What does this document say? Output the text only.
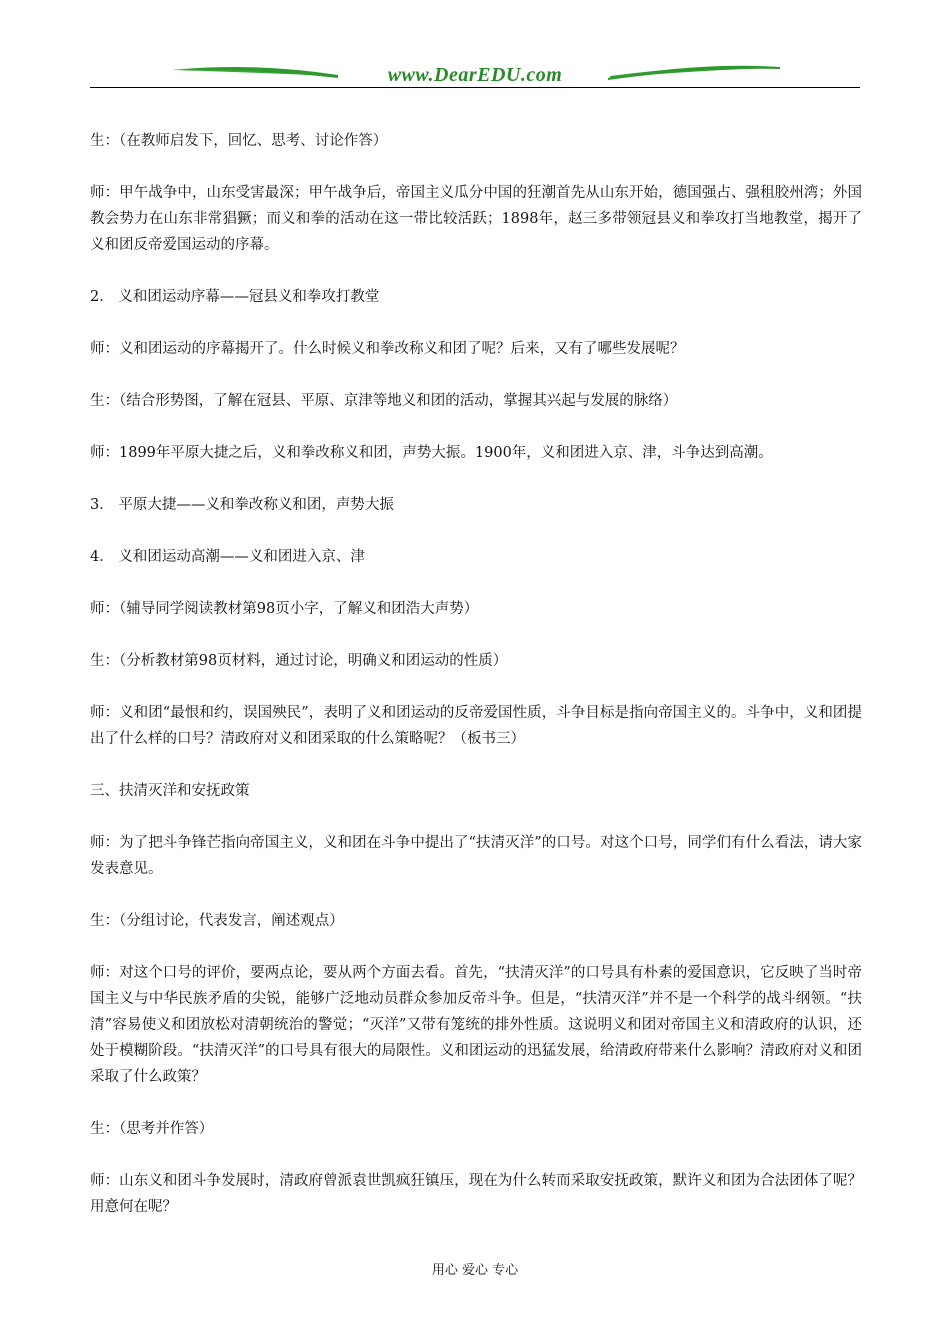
www.DearEDU.com

生：（在教师启发下，回忆、思考、讨论作答）

师：甲午战争中，山东受害最深；甲午战争后，帝国主义瓜分中国的狂潮首先从山东开始，德国强占、强租胶州湾；外国教会势力在山东非常猖獗；而义和拳的活动在这一带比较活跃；1898年，赵三多带领冠县义和拳攻打当地教堂，揭开了义和团反帝爱国运动的序幕。

2． 义和团运动序幕——冠县义和拳攻打教堂

师：义和团运动的序幕揭开了。什么时候义和拳改称义和团了呢？后来，又有了哪些发展呢？

生：（结合形势图，了解在冠县、平原、京津等地义和团的活动，掌握其兴起与发展的脉络）

师：1899年平原大捷之后，义和拳改称义和团，声势大振。1900年，义和团进入京、津，斗争达到高潮。

3． 平原大捷——义和拳改称义和团，声势大振

4． 义和团运动高潮——义和团进入京、津

师：（辅导同学阅读教材第98页小字，了解义和团浩大声势）

生：（分析教材第98页材料，通过讨论，明确义和团运动的性质）

师：义和团“最恨和约，误国殃民”，表明了义和团运动的反帝爱国性质，斗争目标是指向帝国主义的。斗争中，义和团提出了什么样的口号？清政府对义和团采取的什么策略呢？（板书三）

三、扶清灭洋和安抚政策

师：为了把斗争锋芒指向帝国主义，义和团在斗争中提出了“扶清灭洋”的口号。对这个口号，同学们有什么看法，请大家发表意见。

生：（分组讨论，代表发言，阐述观点）

师：对这个口号的评价，要两点论，要从两个方面去看。首先，“扶清灭洋”的口号具有朴素的爱国意识，它反映了当时帝国主义与中华民族矛盾的尖锐，能够广泛地动员群众参加反帝斗争。但是，“扶清灭洋”并不是一个科学的战斗纲领。“扶清”容易使义和团放松对清朝统治的警觉；“灭洋”又带有笼统的排外性质。这说明义和团对帝国主义和清政府的认识，还处于模糊阶段。“扶清灭洋”的口号具有很大的局限性。义和团运动的迅猛发展，给清政府带来什么影响？清政府对义和团采取了什么政策？

生：（思考并作答）

师：山东义和团斗争发展时，清政府曾派袁世凯疯狂镇压，现在为什么转而采取安抚政策，默许义和团为合法团体了呢？用意何在呢？

用心 爱心 专心
